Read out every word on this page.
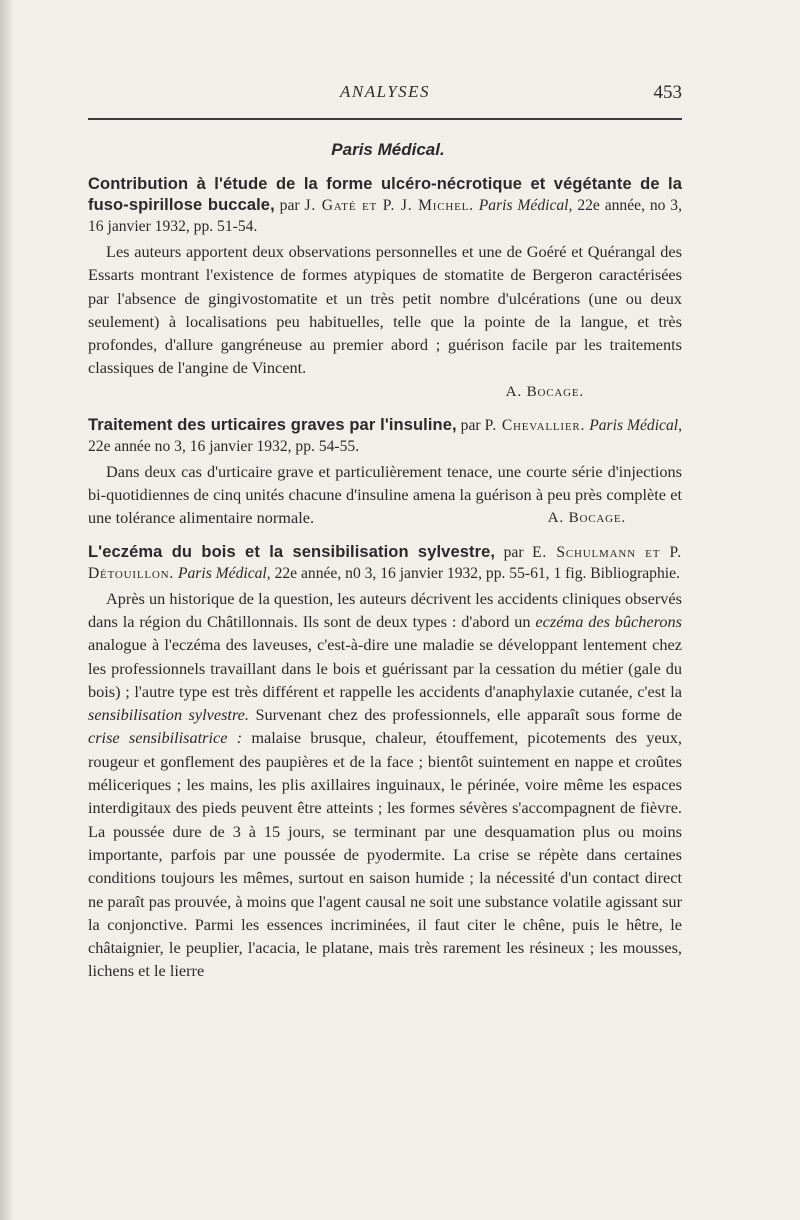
ANALYSES	453
Paris Médical.

Contribution à l'étude de la forme ulcéro-nécrotique et végétante de la fuso-spirillose buccale, par J. Gaté et P. J. Michel. Paris Médical, 22e année, no 3, 16 janvier 1932, pp. 51-54.

Les auteurs apportent deux observations personnelles et une de Goéré et Quérangal des Essarts montrant l'existence de formes atypiques de stomatite de Bergeron caractérisées par l'absence de gingivostomatite et un très petit nombre d'ulcérations (une ou deux seulement) à localisations peu habituelles, telle que la pointe de la langue, et très profondes, d'allure gangréneuse au premier abord ; guérison facile par les traitements classiques de l'angine de Vincent.

A. Bocage.

Traitement des urticaires graves par l'insuline, par P. Chevallier. Paris Médical, 22e année no 3, 16 janvier 1932, pp. 54-55.

Dans deux cas d'urticaire grave et particulièrement tenace, une courte série d'injections bi-quotidiennes de cinq unités chacune d'insuline amena la guérison à peu près complète et une tolérance alimentaire normale.	A. Bocage.

L'eczéma du bois et la sensibilisation sylvestre, par E. Schulmann et P. Détouillon. Paris Médical, 22e année, n0 3, 16 janvier 1932, pp. 55-61, 1 fig. Bibliographie.

Après un historique de la question, les auteurs décrivent les accidents cliniques observés dans la région du Châtillonnais. Ils sont de deux types : d'abord un eczéma des bûcherons analogue à l'eczéma des laveuses, c'est-à-dire une maladie se développant lentement chez les professionnels travaillant dans le bois et guérissant par la cessation du métier (gale du bois) ; l'autre type est très différent et rappelle les accidents d'anaphylaxie cutanée, c'est la sensibilisation sylvestre. Survenant chez des professionnels, elle apparaît sous forme de crise sensibilisatrice : malaise brusque, chaleur, étouffement, picotements des yeux, rougeur et gonflement des paupières et de la face ; bientôt suintement en nappe et croûtes méliceriques ; les mains, les plis axillaires inguinaux, le périnée, voire même les espaces interdigitaux des pieds peuvent être atteints ; les formes sévères s'accompagnent de fièvre. La poussée dure de 3 à 15 jours, se terminant par une desquamation plus ou moins importante, parfois par une poussée de pyodermite. La crise se répète dans certaines conditions toujours les mêmes, surtout en saison humide ; la nécessité d'un contact direct ne paraît pas prouvée, à moins que l'agent causal ne soit une substance volatile agissant sur la conjonctive. Parmi les essences incriminées, il faut citer le chêne, puis le hêtre, le châtaignier, le peuplier, l'acacia, le platane, mais très rarement les résineux ; les mousses, lichens et le lierre
